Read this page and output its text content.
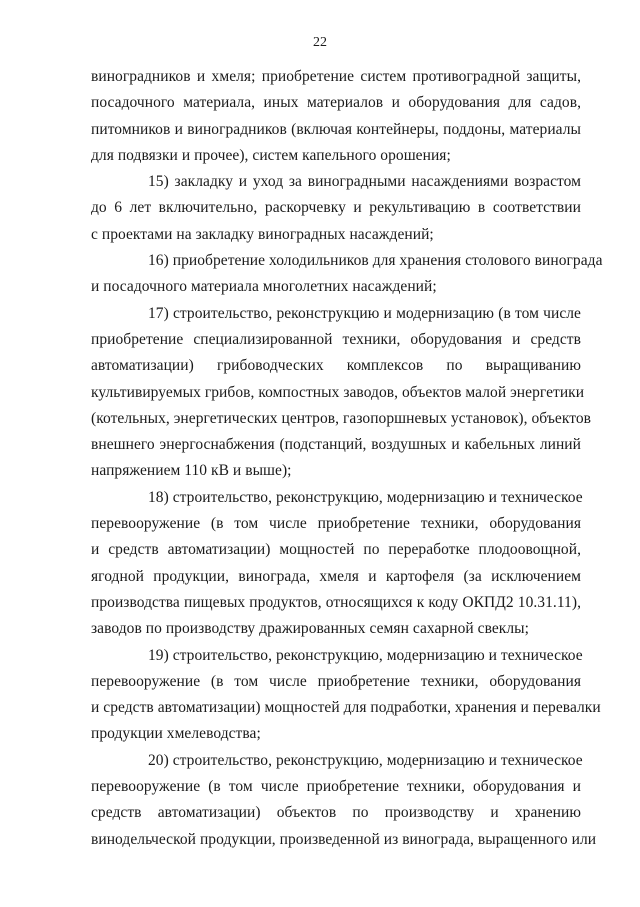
22
виноградников и хмеля; приобретение систем противоградной защиты,
посадочного материала, иных материалов и оборудования для садов,
питомников и виноградников (включая контейнеры, поддоны, материалы
для подвязки и прочее), систем капельного орошения;
15) закладку и уход за виноградными насаждениями возрастом
до 6 лет включительно, раскорчевку и рекультивацию в соответствии
с проектами на закладку виноградных насаждений;
16) приобретение холодильников для хранения столового винограда
и посадочного материала многолетних насаждений;
17) строительство, реконструкцию и модернизацию (в том числе
приобретение специализированной техники, оборудования и средств
автоматизации) грибоводческих комплексов по выращиванию
культивируемых грибов, компостных заводов, объектов малой энергетики
(котельных, энергетических центров, газопоршневых установок), объектов
внешнего энергоснабжения (подстанций, воздушных и кабельных линий
напряжением 110 кВ и выше);
18) строительство, реконструкцию, модернизацию и техническое
перевооружение (в том числе приобретение техники, оборудования
и средств автоматизации) мощностей по переработке плодоовощной,
ягодной продукции, винограда, хмеля и картофеля (за исключением
производства пищевых продуктов, относящихся к коду ОКПД2 10.31.11),
заводов по производству дражированных семян сахарной свеклы;
19) строительство, реконструкцию, модернизацию и техническое
перевооружение (в том числе приобретение техники, оборудования
и средств автоматизации) мощностей для подработки, хранения и перевалки
продукции хмелеводства;
20) строительство, реконструкцию, модернизацию и техническое
перевооружение (в том числе приобретение техники, оборудования и
средств автоматизации) объектов по производству и хранению
винодельческой продукции, произведенной из винограда, выращенного или
